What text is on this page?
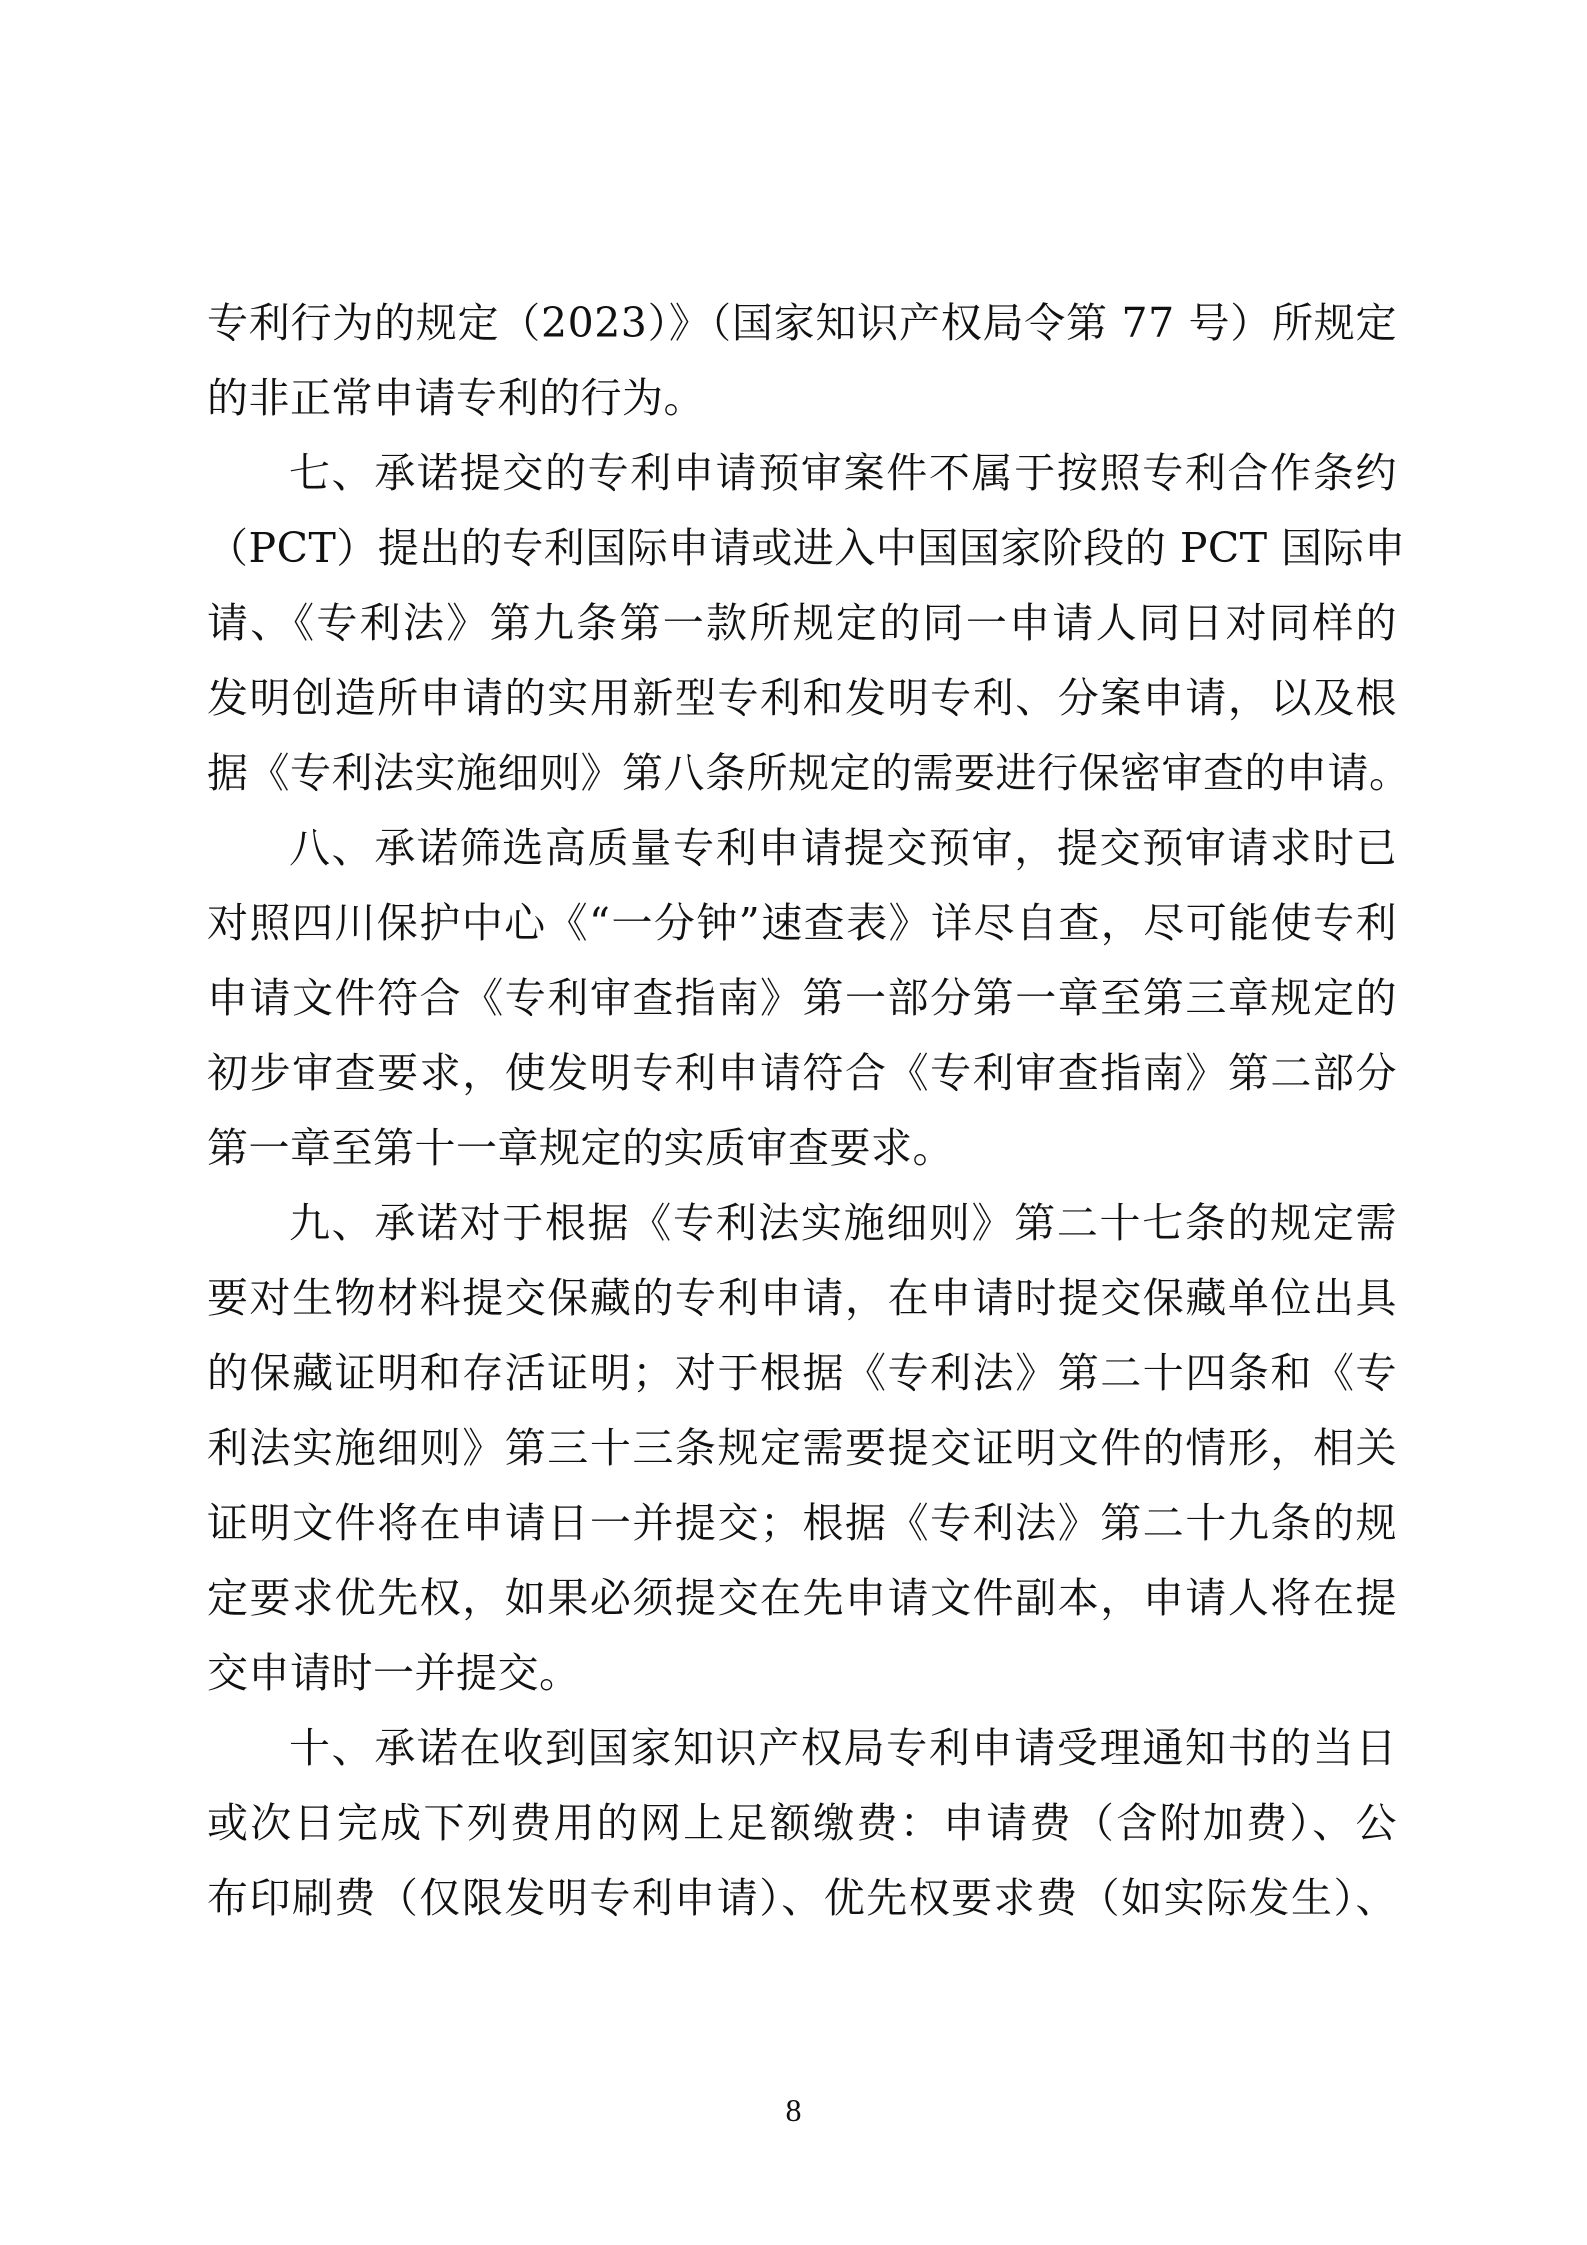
专利行为的规定（2023）》（国家知识产权局令第 77 号）所规定
的非正常申请专利的行为。
七、承诺提交的专利申请预审案件不属于按照专利合作条约
（PCT）提出的专利国际申请或进入中国国家阶段的 PCT 国际申
请、《专利法》第九条第一款所规定的同一申请人同日对同样的
发明创造所申请的实用新型专利和发明专利、分案申请，以及根
据《专利法实施细则》第八条所规定的需要进行保密审查的申请。
八、承诺筛选高质量专利申请提交预审，提交预审请求时已
对照四川保护中心《“一分钟”速查表》详尽自查，尽可能使专利
申请文件符合《专利审查指南》第一部分第一章至第三章规定的
初步审查要求，使发明专利申请符合《专利审查指南》第二部分
第一章至第十一章规定的实质审查要求。
九、承诺对于根据《专利法实施细则》第二十七条的规定需
要对生物材料提交保藏的专利申请，在申请时提交保藏单位出具
的保藏证明和存活证明；对于根据《专利法》第二十四条和《专
利法实施细则》第三十三条规定需要提交证明文件的情形，相关
证明文件将在申请日一并提交；根据《专利法》第二十九条的规
定要求优先权，如果必须提交在先申请文件副本，申请人将在提
交申请时一并提交。
十、承诺在收到国家知识产权局专利申请受理通知书的当日
或次日完成下列费用的网上足额缴费：申请费（含附加费）、公
布印刷费（仅限发明专利申请）、优先权要求费（如实际发生）、
8
